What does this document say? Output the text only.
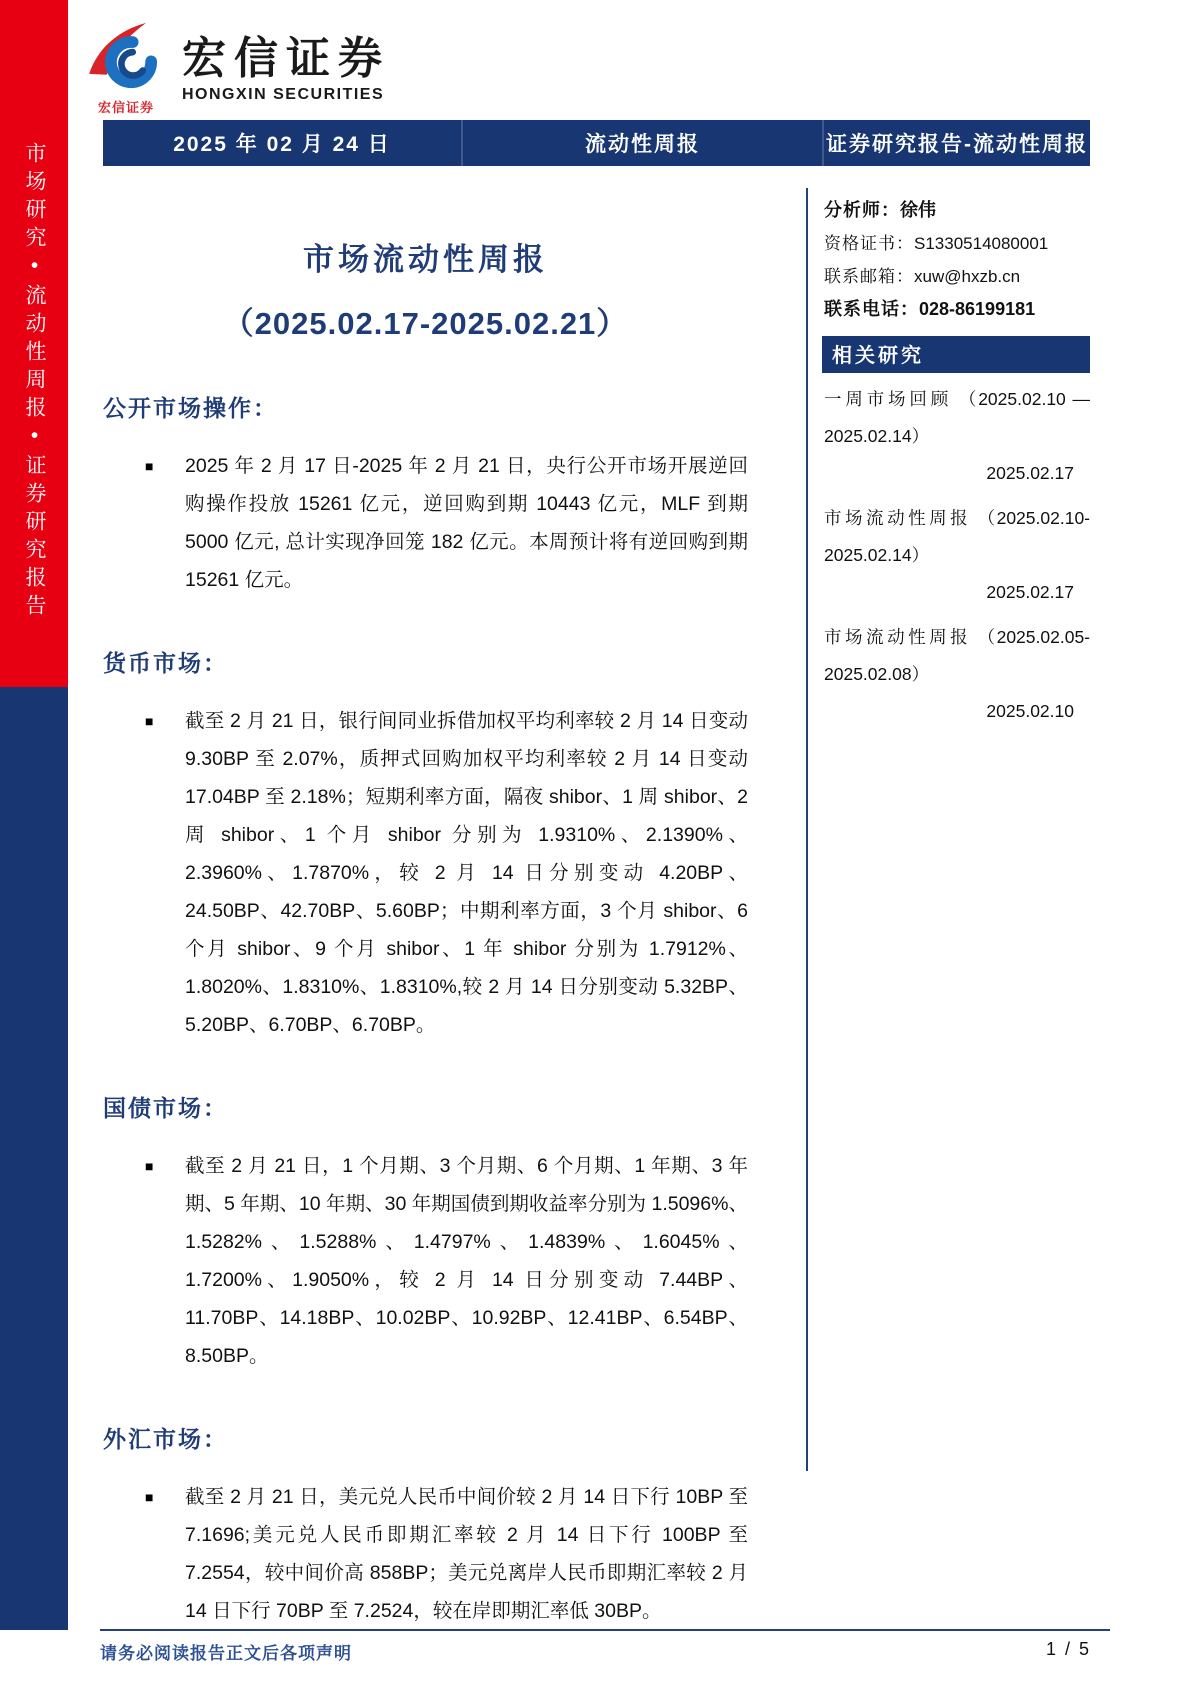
市场研究•流动性周报•证券研究报告
宏信证券
宏信证券
HONGXIN SECURITIES
2025 年 02 月 24 日	流动性周报	证券研究报告-流动性周报
市场流动性周报
（2025.02.17-2025.02.21）
公开市场操作：
■	2025 年 2 月 17 日-2025 年 2 月 21 日，央行公开市场开展逆回购操作投放 15261 亿元，逆回购到期 10443 亿元，MLF 到期 5000 亿元, 总计实现净回笼 182 亿元。本周预计将有逆回购到期 15261 亿元。

货币市场：
■	截至 2 月 21 日，银行间同业拆借加权平均利率较 2 月 14 日变动 9.30BP 至 2.07%，质押式回购加权平均利率较 2 月 14 日变动 17.04BP 至 2.18%；短期利率方面，隔夜 shibor、1 周 shibor、2 周 shibor、1 个月 shibor 分别为 1.9310%、2.1390%、2.3960%、1.7870%，较 2 月 14 日分别变动 4.20BP、24.50BP、42.70BP、5.60BP；中期利率方面，3 个月 shibor、6 个月 shibor、9 个月 shibor、1 年 shibor 分别为 1.7912%、1.8020%、1.8310%、1.8310%,较 2 月 14 日分别变动 5.32BP、5.20BP、6.70BP、6.70BP。

国债市场：
■	截至 2 月 21 日，1 个月期、3 个月期、6 个月期、1 年期、3 年期、5 年期、10 年期、30 年期国债到期收益率分别为 1.5096%、1.5282%、1.5288%、1.4797%、1.4839%、1.6045%、1.7200%、1.9050%，较 2 月 14 日分别变动 7.44BP、11.70BP、14.18BP、10.02BP、10.92BP、12.41BP、6.54BP、8.50BP。

外汇市场：
■	截至 2 月 21 日，美元兑人民币中间价较 2 月 14 日下行 10BP 至 7.1696;美元兑人民币即期汇率较 2 月 14 日下行 100BP 至 7.2554，较中间价高 858BP；美元兑离岸人民币即期汇率较 2 月 14 日下行 70BP 至 7.2524，较在岸即期汇率低 30BP。

分析师：徐伟
资格证书：S1330514080001
联系邮箱：xuw@hxzb.cn
联系电话：028-86199181
相关研究

一周市场回顾 （2025.02.10 —2025.02.14）

2025.02.17

市场流动性周报 （2025.02.10-2025.02.14）

2025.02.17

市场流动性周报 （2025.02.05-2025.02.08）

2025.02.10
请务必阅读报告正文后各项声明	1 / 5
